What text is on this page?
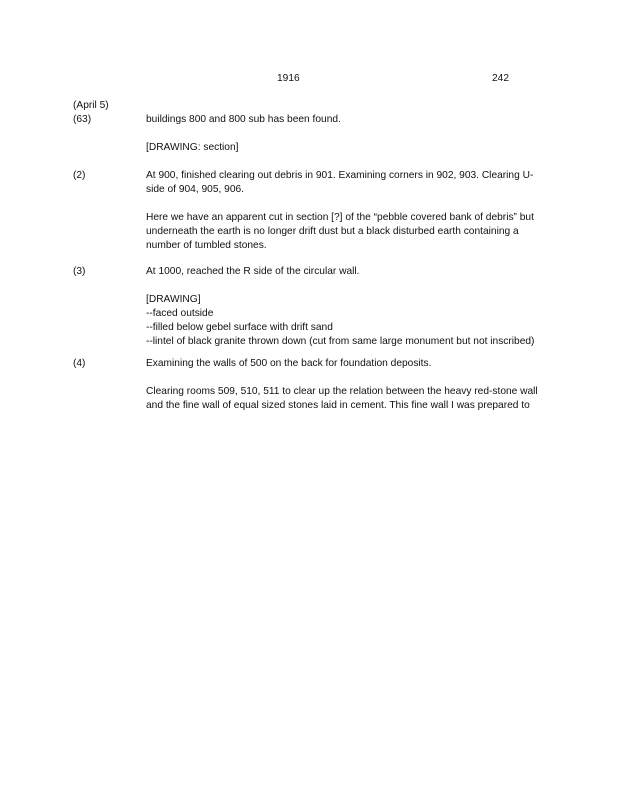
1916	242
(April 5)
(63)	buildings 800 and 800 sub has been found.

[DRAWING: section]

(2)	At 900, finished clearing out debris in 901. Examining corners in 902, 903. Clearing U-side of 904, 905, 906.

Here we have an apparent cut in section [?] of the “pebble covered bank of debris” but underneath the earth is no longer drift dust but a black disturbed earth containing a number of tumbled stones.

(3)	At 1000, reached the R side of the circular wall.

[DRAWING]
--faced outside
--filled below gebel surface with drift sand
--lintel of black granite thrown down (cut from same large monument but not inscribed)

(4)	Examining the walls of 500 on the back for foundation deposits.

Clearing rooms 509, 510, 511 to clear up the relation between the heavy red-stone wall and the fine wall of equal sized stones laid in cement. This fine wall I was prepared to
